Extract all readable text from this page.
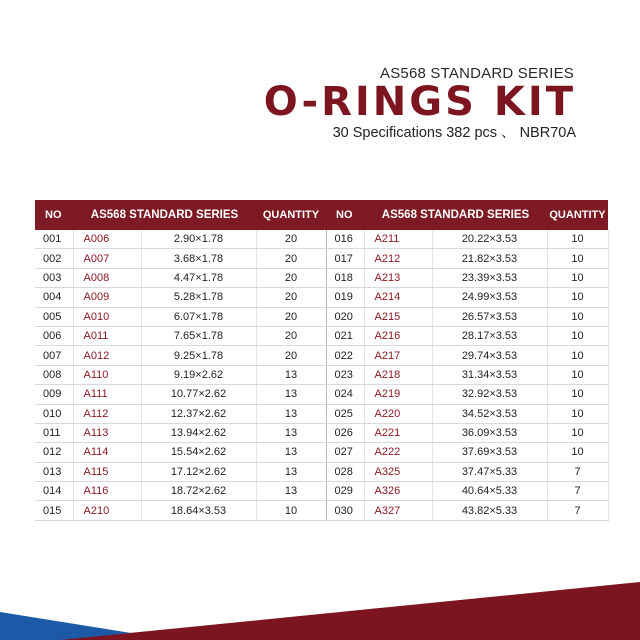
AS568 STANDARD SERIES
O-RINGS KIT
30 Specifications 382 pcs 、 NBR70A
NO	AS568 STANDARD SERIES		QUANTITY	NO	AS568 STANDARD SERIES		QUANTITY
001	A006	2.90×1.78	20	016	A211	20.22×3.53	10
002	A007	3.68×1.78	20	017	A212	21.82×3.53	10
003	A008	4.47×1.78	20	018	A213	23.39×3.53	10
004	A009	5.28×1.78	20	019	A214	24.99×3.53	10
005	A010	6.07×1.78	20	020	A215	26.57×3.53	10
006	A011	7.65×1.78	20	021	A216	28.17×3.53	10
007	A012	9.25×1.78	20	022	A217	29.74×3.53	10
008	A110	9.19×2.62	13	023	A218	31.34×3.53	10
009	A111	10.77×2.62	13	024	A219	32.92×3.53	10
010	A112	12.37×2.62	13	025	A220	34.52×3.53	10
011	A113	13.94×2.62	13	026	A221	36.09×3.53	10
012	A114	15.54×2.62	13	027	A222	37.69×3.53	10
013	A115	17.12×2.62	13	028	A325	37.47×5.33	7
014	A116	18.72×2.62	13	029	A326	40.64×5.33	7
015	A210	18.64×3.53	10	030	A327	43.82×5.33	7
